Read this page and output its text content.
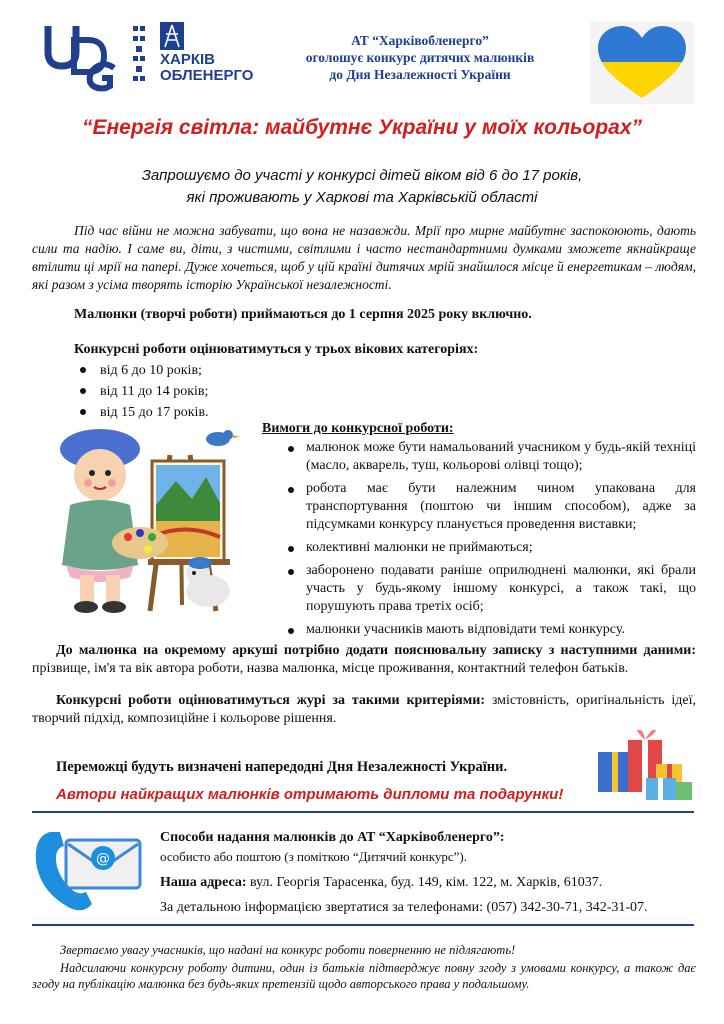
ХАРКІВ
ОБЛЕНЕРГО
АТ “Харківобленерго”
оголошує конкурс дитячих малюнків
до Дня Незалежності України
“Енергія світла: майбутнє України у моїх кольорах”
Запрошуємо до участі у конкурсі дітей віком від 6 до 17 років,
які проживають у Харкові та Харківській області
Під час війни не можна забувати, що вона не назавжди. Мрії про мирне майбутнє заспокоюють, дають сили та надію. І саме ви, діти, з чистими, світлими і часто нестандартними думками зможете якнайкраще втілити ці мрії на папері. Дуже хочеться, щоб у цій країні дитячих мрій знайшлося місце й енергетикам – людям, які разом з усіма творять історію Української незалежності.
Малюнки (творчі роботи) приймаються до 1 серпня 2025 року включно.
Конкурсні роботи оцінюватимуться у трьох вікових категоріях:
від 6 до 10 років;
від 11 до 14 років;
від 15 до 17 років.
Вимоги до конкурсної роботи:
малюнок може бути намальований учасником у будь-якій техніці (масло, акварель, туш, кольорові олівці тощо);
робота має бути належним чином упакована для транспортування (поштою чи іншим способом), адже за підсумками конкурсу планується проведення виставки;
колективні малюнки не приймаються;
заборонено подавати раніше оприлюднені малюнки, які брали участь у будь-якому іншому конкурсі, а також такі, що порушують права третіх осіб;
малюнки учасників мають відповідати темі конкурсу.
До малюнка на окремому аркуші потрібно додати пояснювальну записку з наступними даними: прізвище, ім'я та вік автора роботи, назва малюнка, місце проживання, контактний телефон батьків.
Конкурсні роботи оцінюватимуться журі за такими критеріями: змістовність, оригінальність ідеї, творчий підхід, композиційне і кольорове рішення.
Переможці будуть визначені напередодні Дня Незалежності України.
Автори найкращих малюнків отримають дипломи та подарунки!
@
Способи надання малюнків до АТ “Харківобленерго”:
особисто або поштою (з поміткою “Дитячий конкурс”).
Наша адреса: вул. Георгія Тарасенка, буд. 149, кім. 122, м. Харків, 61037.
За детальною інформацією звертатися за телефонами: (057) 342-30-71, 342-31-07.
Звертаємо увагу учасників, що надані на конкурс роботи поверненню не підлягають!
Надсилаючи конкурсну роботу дитини, один із батьків підтверджує повну згоду з умовами конкурсу, а також дає згоду на публікацію малюнка без будь-яких претензій щодо авторського права у подальшому.
